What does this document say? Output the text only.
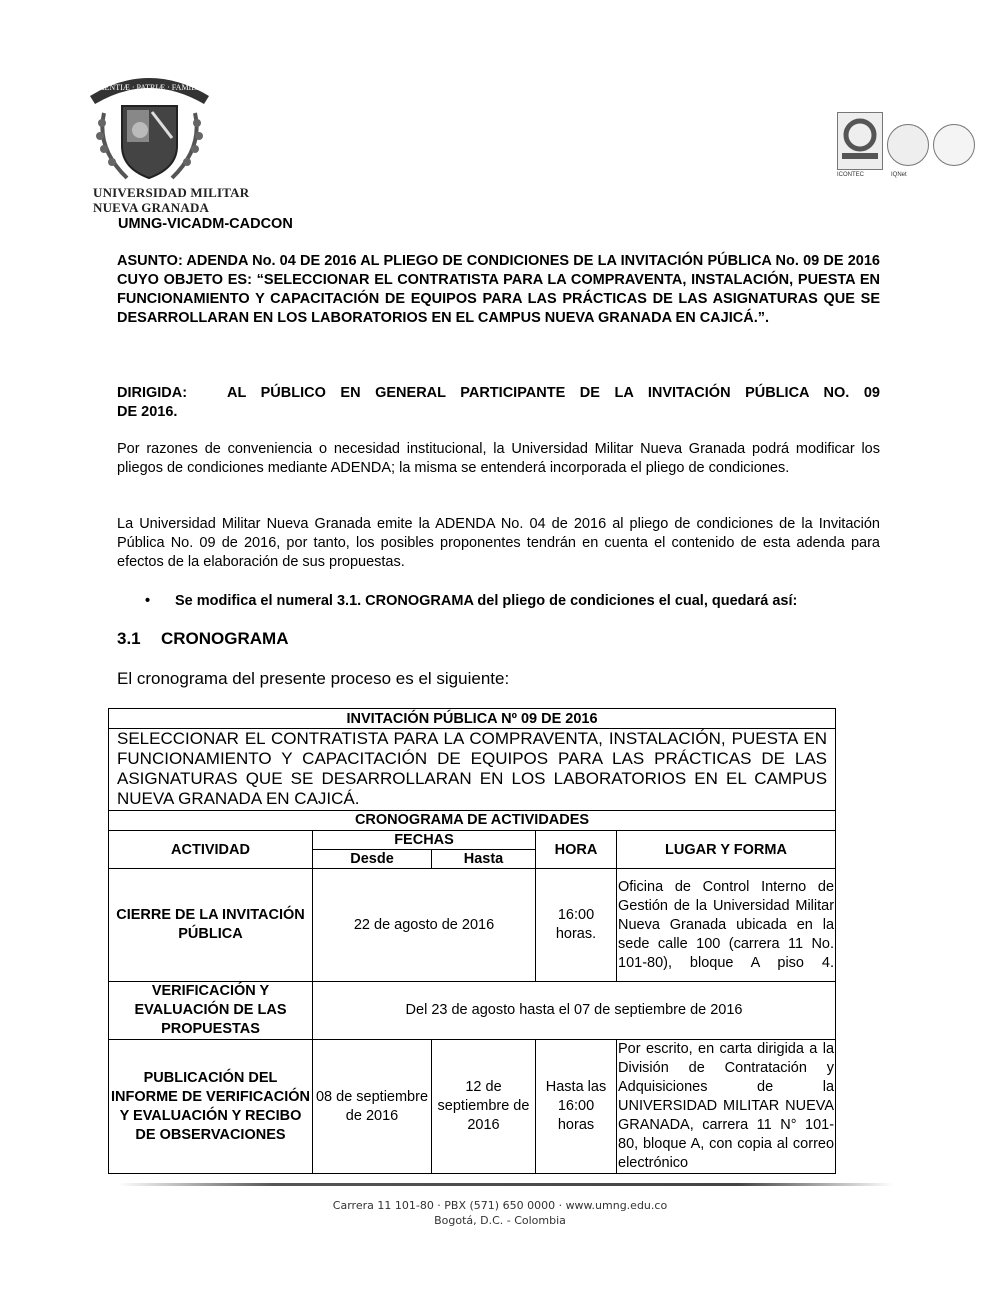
SCIENTIÆ · PATRIÆ · FAMILIÆ
UNIVERSIDAD MILITAR
NUEVA GRANADA
ICONTEC	IQNet
UMNG-VICADM-CADCON
ASUNTO: ADENDA No. 04 DE 2016 AL PLIEGO DE CONDICIONES DE LA INVITACIÓN PÚBLICA No. 09 DE 2016 CUYO OBJETO ES: “SELECCIONAR EL CONTRATISTA PARA LA COMPRAVENTA, INSTALACIÓN, PUESTA EN FUNCIONAMIENTO Y CAPACITACIÓN DE EQUIPOS PARA LAS PRÁCTICAS DE LAS ASIGNATURAS QUE SE DESARROLLARAN EN LOS LABORATORIOS EN EL CAMPUS NUEVA GRANADA EN CAJICÁ.”.
DIRIGIDA:	AL PÚBLICO EN GENERAL PARTICIPANTE DE LA INVITACIÓN PÚBLICA NO. 09
DE 2016.
Por razones de conveniencia o necesidad institucional, la Universidad Militar Nueva Granada podrá modificar los pliegos de condiciones mediante ADENDA; la misma se entenderá incorporada el pliego de condiciones.
La Universidad Militar Nueva Granada emite la ADENDA No. 04 de 2016 al pliego de condiciones de la Invitación Pública No. 09 de 2016, por tanto, los posibles proponentes tendrán en cuenta el contenido de esta adenda para efectos de la elaboración de sus propuestas.
• Se modifica el numeral 3.1. CRONOGRAMA del pliego de condiciones el cual, quedará así:
3.1 CRONOGRAMA
El cronograma del presente proceso es el siguiente:
INVITACIÓN PÚBLICA Nº 09 DE 2016				
SELECCIONAR EL CONTRATISTA PARA LA COMPRAVENTA, INSTALACIÓN, PUESTA EN FUNCIONAMIENTO Y CAPACITACIÓN DE EQUIPOS PARA LAS PRÁCTICAS DE LAS ASIGNATURAS QUE SE DESARROLLARAN EN LOS LABORATORIOS EN EL CAMPUS NUEVA GRANADA EN CAJICÁ.				
CRONOGRAMA DE ACTIVIDADES				
ACTIVIDAD	FECHAS		HORA	LUGAR Y FORMA
	Desde	Hasta		
CIERRE DE LA INVITACIÓN PÚBLICA	22 de agosto de 2016		16:00 horas.	Oficina de Control Interno de Gestión de la Universidad Militar Nueva Granada ubicada en la sede calle 100 (carrera 11 No. 101-80), bloque A piso 4.
VERIFICACIÓN Y EVALUACIÓN DE LAS PROPUESTAS	Del 23 de agosto hasta el 07 de septiembre de 2016			
PUBLICACIÓN DEL INFORME DE VERIFICACIÓN Y EVALUACIÓN Y RECIBO DE OBSERVACIONES	08 de septiembre de 2016	12 de septiembre de 2016	Hasta las 16:00 horas	Por escrito, en carta dirigida a la División de Contratación y Adquisiciones de la UNIVERSIDAD MILITAR NUEVA GRANADA, carrera 11 N° 101-80, bloque A, con copia al correo electrónico
Carrera 11 101-80 · PBX (571) 650 0000 · www.umng.edu.co
Bogotá, D.C. - Colombia
